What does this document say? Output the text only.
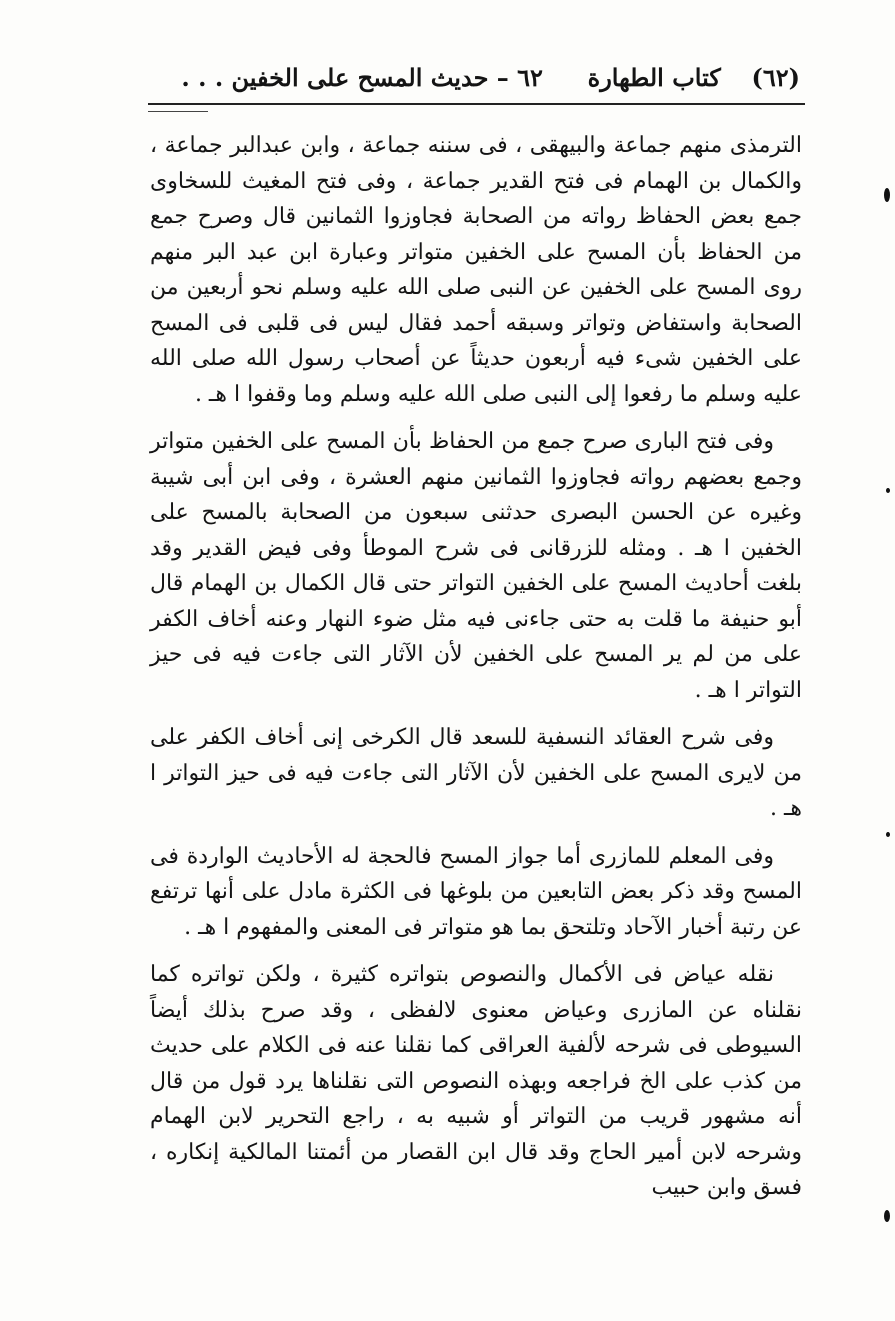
(٦٢)  كتاب الطهارة  ٦٢ – حديث المسح على الخفين . . .

الترمذى منهم جماعة والبيهقى ، فى سننه جماعة ، وابن عبدالبر جماعة ، والكمال بن الهمام فى فتح القدير جماعة ، وفى فتح المغيث للسخاوى جمع بعض الحفاظ رواته من الصحابة فجاوزوا الثمانين قال وصرح جمع من الحفاظ بأن المسح على الخفين متواتر وعبارة ابن عبد البر منهم روى المسح على الخفين عن النبى صلى الله عليه وسلم نحو أربعين من الصحابة واستفاض وتواتر وسبقه أحمد فقال ليس فى قلبى فى المسح على الخفين شىء فيه أربعون حديثاً عن أصحاب رسول الله صلى الله عليه وسلم ما رفعوا إلى النبى صلى الله عليه وسلم وما وقفوا ا هـ .

وفى فتح البارى صرح جمع من الحفاظ بأن المسح على الخفين متواتر وجمع بعضهم رواته فجاوزوا الثمانين منهم العشرة ، وفى ابن أبى شيبة وغيره عن الحسن البصرى حدثنى سبعون من الصحابة بالمسح على الخفين ا هـ . ومثله للزرقانى فى شرح الموطأ وفى فيض القدير وقد بلغت أحاديث المسح على الخفين التواتر حتى قال الكمال بن الهمام قال أبو حنيفة ما قلت به حتى جاءنى فيه مثل ضوء النهار وعنه أخاف الكفر على من لم ير المسح على الخفين لأن الآثار التى جاءت فيه فى حيز التواتر ا هـ .

وفى شرح العقائد النسفية للسعد قال الكرخى إنى أخاف الكفر على من لايرى المسح على الخفين لأن الآثار التى جاءت فيه فى حيز التواتر ا هـ .

وفى المعلم للمازرى أما جواز المسح فالحجة له الأحاديث الواردة فى المسح وقد ذكر بعض التابعين من بلوغها فى الكثرة مادل على أنها ترتفع عن رتبة أخبار الآحاد وتلتحق بما هو متواتر فى المعنى والمفهوم ا هـ .

نقله عياض فى الأكمال والنصوص بتواتره كثيرة ، ولكن تواتره كما نقلناه عن المازرى وعياض معنوى لالفظى ، وقد صرح بذلك أيضاً السيوطى فى شرحه لألفية العراقى كما نقلنا عنه فى الكلام على حديث من كذب على الخ فراجعه وبهذه النصوص التى نقلناها يرد قول من قال أنه مشهور قريب من التواتر أو شبيه به ، راجع التحرير لابن الهمام وشرحه لابن أمير الحاج وقد قال ابن القصار من أئمتنا المالكية إنكاره ، فسق وابن حبيب
